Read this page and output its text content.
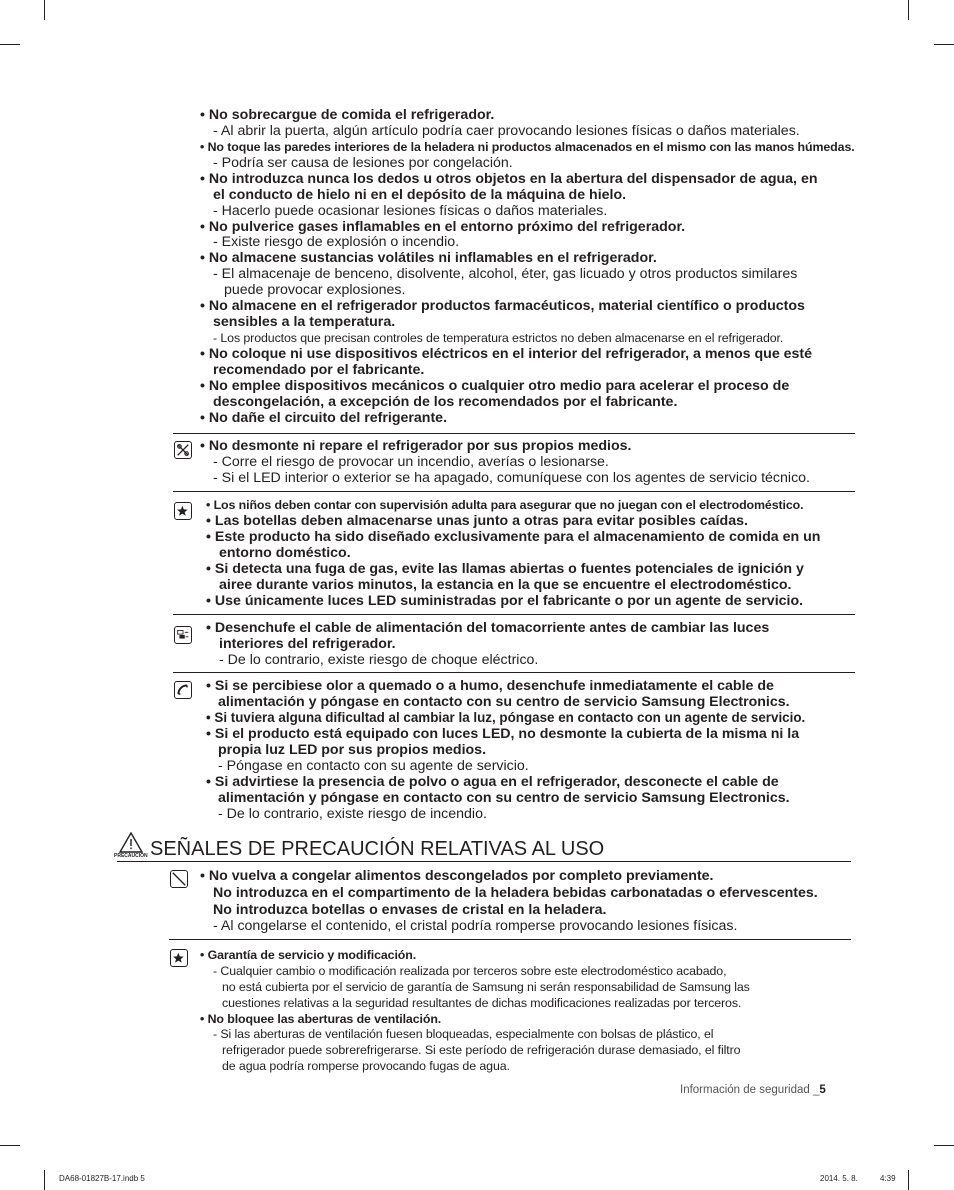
• No sobrecargue de comida el refrigerador.
- Al abrir la puerta, algún artículo podría caer provocando lesiones físicas o daños materiales.
• No toque las paredes interiores de la heladera ni productos almacenados en el mismo con las manos húmedas.
- Podría ser causa de lesiones por congelación.
• No introduzca nunca los dedos u otros objetos en la abertura del dispensador de agua, en
el conducto de hielo ni en el depósito de la máquina de hielo.
- Hacerlo puede ocasionar lesiones físicas o daños materiales.
• No pulverice gases inflamables en el entorno próximo del refrigerador.
- Existe riesgo de explosión o incendio.
• No almacene sustancias volátiles ni inflamables en el refrigerador.
- El almacenaje de benceno, disolvente, alcohol, éter, gas licuado y otros productos similares
puede provocar explosiones.
• No almacene en el refrigerador productos farmacéuticos, material científico o productos
sensibles a la temperatura.
- Los productos que precisan controles de temperatura estrictos no deben almacenarse en el refrigerador.
• No coloque ni use dispositivos eléctricos en el interior del refrigerador, a menos que esté
recomendado por el fabricante.
• No emplee dispositivos mecánicos o cualquier otro medio para acelerar el proceso de
descongelación, a excepción de los recomendados por el fabricante.
• No dañe el circuito del refrigerante.
• No desmonte ni repare el refrigerador por sus propios medios.
- Corre el riesgo de provocar un incendio, averías o lesionarse.
- Si el LED interior o exterior se ha apagado, comuníquese con los agentes de servicio técnico.
• Los niños deben contar con supervisión adulta para asegurar que no juegan con el electrodoméstico.
• Las botellas deben almacenarse unas junto a otras para evitar posibles caídas.
• Este producto ha sido diseñado exclusivamente para el almacenamiento de comida en un
entorno doméstico.
• Si detecta una fuga de gas, evite las llamas abiertas o fuentes potenciales de ignición y
airee durante varios minutos, la estancia en la que se encuentre el electrodoméstico.
• Use únicamente luces LED suministradas por el fabricante o por un agente de servicio.
• Desenchufe el cable de alimentación del tomacorriente antes de cambiar las luces
interiores del refrigerador.
- De lo contrario, existe riesgo de choque eléctrico.
• Si se percibiese olor a quemado o a humo, desenchufe inmediatamente el cable de
alimentación y póngase en contacto con su centro de servicio Samsung Electronics.
• Si tuviera alguna dificultad al cambiar la luz, póngase en contacto con un agente de servicio.
• Si el producto está equipado con luces LED, no desmonte la cubierta de la misma ni la
propia luz LED por sus propios medios.
- Póngase en contacto con su agente de servicio.
• Si advirtiese la presencia de polvo o agua en el refrigerador, desconecte el cable de
alimentación y póngase en contacto con su centro de servicio Samsung Electronics.
- De lo contrario, existe riesgo de incendio.
• No vuelva a congelar alimentos descongelados por completo previamente.
No introduzca en el compartimento de la heladera bebidas carbonatadas o efervescentes.
No introduzca botellas o envases de cristal en la heladera.
- Al congelarse el contenido, el cristal podría romperse provocando lesiones físicas.
• Garantía de servicio y modificación.
- Cualquier cambio o modificación realizada por terceros sobre este electrodoméstico acabado,
no está cubierta por el servicio de garantía de Samsung ni serán responsabilidad de Samsung las
cuestiones relativas a la seguridad resultantes de dichas modificaciones realizadas por terceros.
• No bloquee las aberturas de ventilación.
- Si las aberturas de ventilación fuesen bloqueadas, especialmente con bolsas de plástico, el
refrigerador puede sobrerefrigerarse. Si este período de refrigeración durase demasiado, el filtro
de agua podría romperse provocando fugas de agua.
PRECAUCIÓN SEÑALES DE PRECAUCIÓN RELATIVAS AL USO
Información de seguridad _5
DA68-01827B-17.indb 5	2014. 5. 8.	4:39
